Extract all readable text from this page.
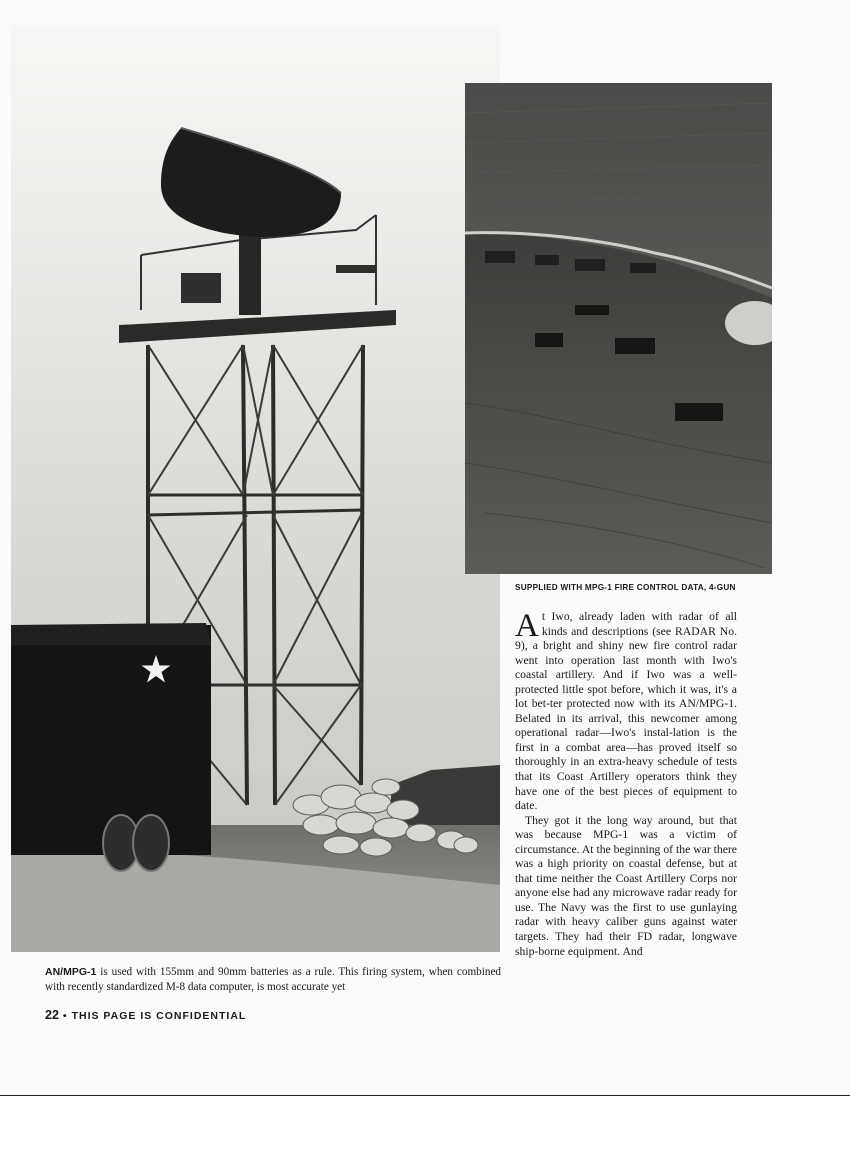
SUPPLIED WITH MPG-1 FIRE CONTROL DATA, 4-GUN

A t Iwo, already laden with radar of all kinds and descriptions (see RADAR No. 9), a bright and shiny new fire control radar went into operation last month with Iwo's coastal artillery. And if Iwo was a well-protected little spot before, which it was, it's a lot bet-ter protected now with its AN/MPG-1. Belated in its arrival, this newcomer among operational radar—Iwo's instal-lation is the first in a combat area—has proved itself so thoroughly in an extra-heavy schedule of tests that its Coast Artillery operators think they have one of the best pieces of equipment to date.

They got it the long way around, but that was because MPG-1 was a victim of circumstance. At the beginning of the war there was a high priority on coastal defense, but at that time neither the Coast Artillery Corps nor anyone else had any microwave radar ready for use. The Navy was the first to use gunlaying radar with heavy caliber guns against water targets. They had their FD radar, longwave ship-borne equipment. And

AN/MPG-1 is used with 155mm and 90mm batteries as a rule. This firing system, when combined with recently standardized M-8 data computer, is most accurate yet

22 • THIS PAGE IS CONFIDENTIAL
